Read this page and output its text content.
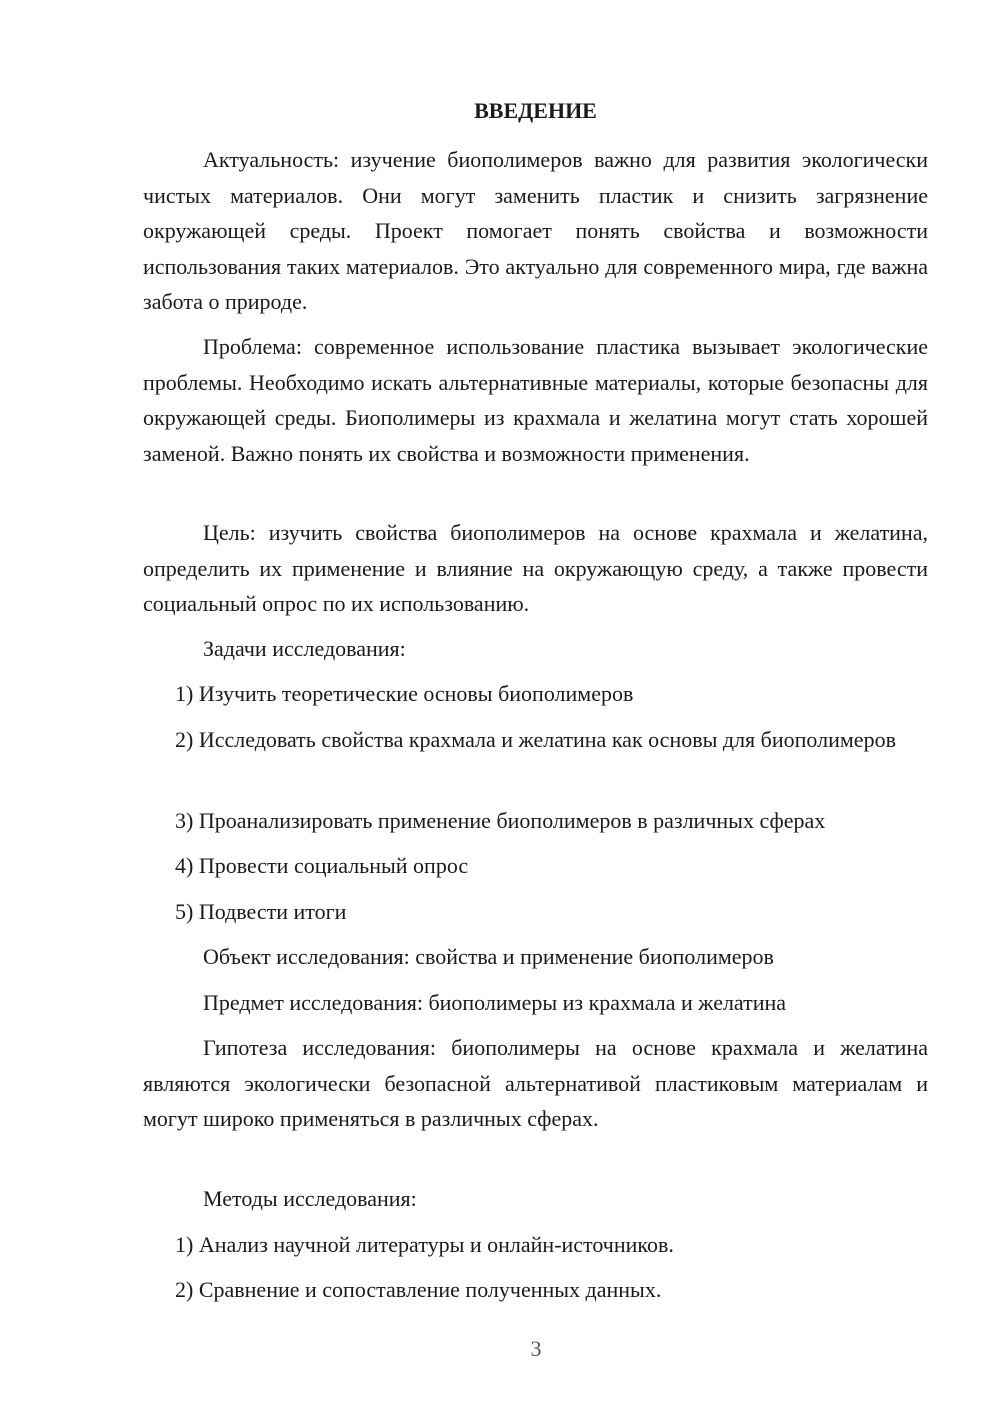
ВВЕДЕНИЕ

Актуальность: изучение биополимеров важно для развития экологически чистых материалов. Они могут заменить пластик и снизить загрязнение окружающей среды. Проект помогает понять свойства и возможности использования таких материалов. Это актуально для современного мира, где важна забота о природе.

Проблема: современное использование пластика вызывает экологические проблемы. Необходимо искать альтернативные материалы, которые безопасны для окружающей среды. Биополимеры из крахмала и желатина могут стать хорошей заменой. Важно понять их свойства и возможности применения.

Цель: изучить свойства биополимеров на основе крахмала и желатина, определить их применение и влияние на окружающую среду, а также провести социальный опрос по их использованию.

Задачи исследования:

1) Изучить теоретические основы биополимеров

2) Исследовать свойства крахмала и желатина как основы для биополимеров

3) Проанализировать применение биополимеров в различных сферах

4) Провести социальный опрос

5) Подвести итоги

Объект исследования: свойства и применение биополимеров

Предмет исследования: биополимеры из крахмала и желатина

Гипотеза исследования: биополимеры на основе крахмала и желатина являются экологически безопасной альтернативой пластиковым материалам и могут широко применяться в различных сферах.

Методы исследования:

1) Анализ научной литературы и онлайн-источников.

2) Сравнение и сопоставление полученных данных.

3
